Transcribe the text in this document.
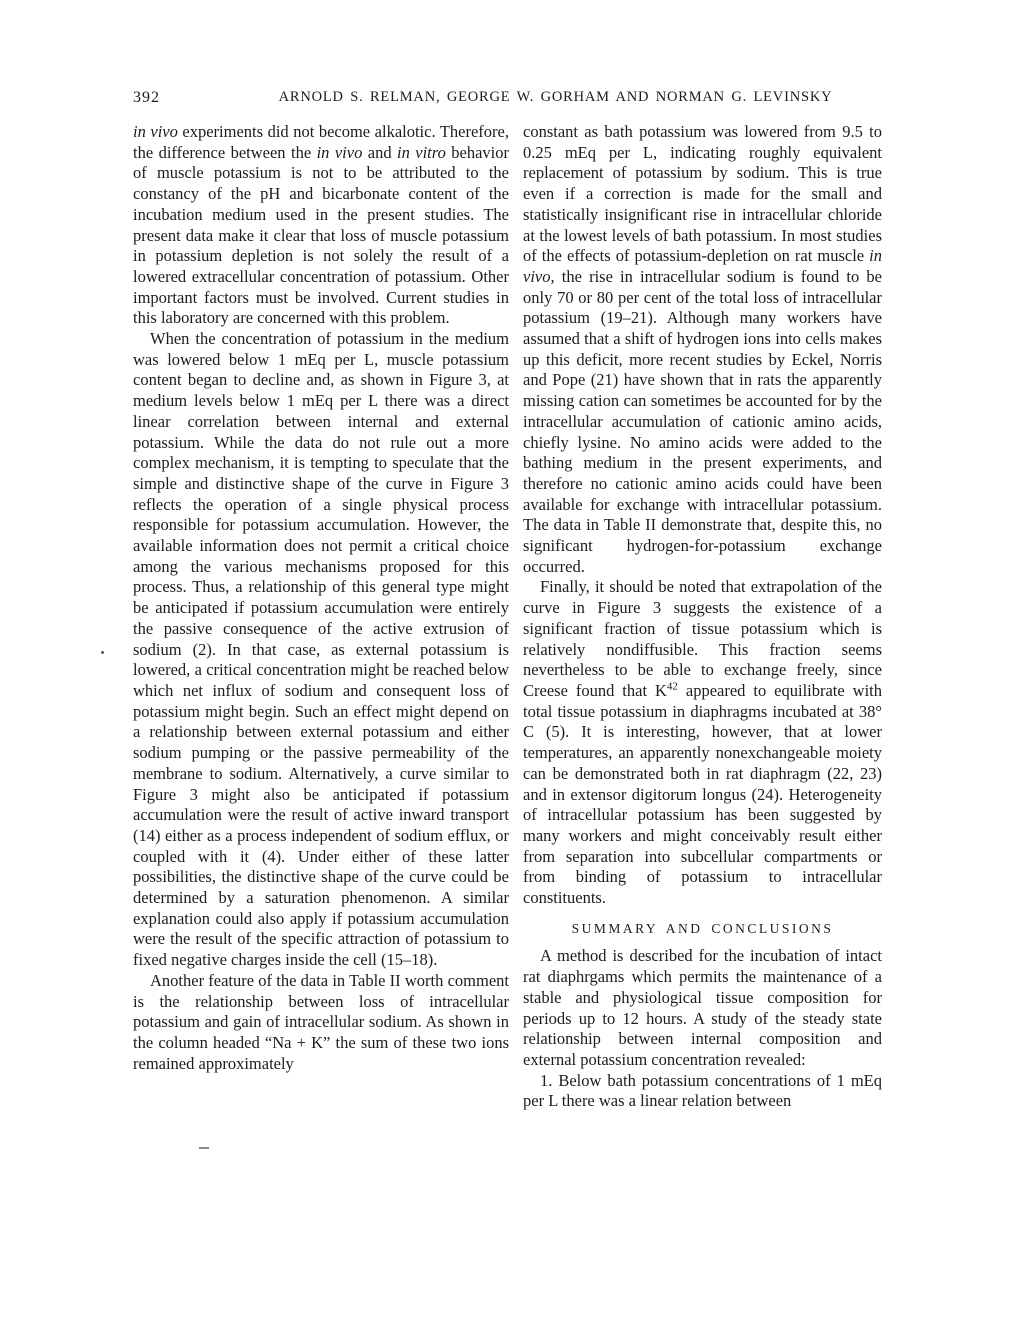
392	ARNOLD S. RELMAN, GEORGE W. GORHAM AND NORMAN G. LEVINSKY

in vivo experiments did not become alkalotic. Therefore, the difference between the in vivo and in vitro behavior of muscle potassium is not to be attributed to the constancy of the pH and bicarbonate content of the incubation medium used in the present studies. The present data make it clear that loss of muscle potassium in potassium depletion is not solely the result of a lowered extracellular concentration of potassium. Other important factors must be involved. Current studies in this laboratory are concerned with this problem.

When the concentration of potassium in the medium was lowered below 1 mEq per L, muscle potassium content began to decline and, as shown in Figure 3, at medium levels below 1 mEq per L there was a direct linear correlation between internal and external potassium. While the data do not rule out a more complex mechanism, it is tempting to speculate that the simple and distinctive shape of the curve in Figure 3 reflects the operation of a single physical process responsible for potassium accumulation. However, the available information does not permit a critical choice among the various mechanisms proposed for this process. Thus, a relationship of this general type might be anticipated if potassium accumulation were entirely the passive consequence of the active extrusion of sodium (2). In that case, as external potassium is lowered, a critical concentration might be reached below which net influx of sodium and consequent loss of potassium might begin. Such an effect might depend on a relationship between external potassium and either sodium pumping or the passive permeability of the membrane to sodium. Alternatively, a curve similar to Figure 3 might also be anticipated if potassium accumulation were the result of active inward transport (14) either as a process independent of sodium efflux, or coupled with it (4). Under either of these latter possibilities, the distinctive shape of the curve could be determined by a saturation phenomenon. A similar explanation could also apply if potassium accumulation were the result of the specific attraction of potassium to fixed negative charges inside the cell (15–18).

Another feature of the data in Table II worth comment is the relationship between loss of intracellular potassium and gain of intracellular sodium. As shown in the column headed “Na + K” the sum of these two ions remained approximately

constant as bath potassium was lowered from 9.5 to 0.25 mEq per L, indicating roughly equivalent replacement of potassium by sodium. This is true even if a correction is made for the small and statistically insignificant rise in intracellular chloride at the lowest levels of bath potassium. In most studies of the effects of potassium-depletion on rat muscle in vivo, the rise in intracellular sodium is found to be only 70 or 80 per cent of the total loss of intracellular potassium (19–21). Although many workers have assumed that a shift of hydrogen ions into cells makes up this deficit, more recent studies by Eckel, Norris and Pope (21) have shown that in rats the apparently missing cation can sometimes be accounted for by the intracellular accumulation of cationic amino acids, chiefly lysine. No amino acids were added to the bathing medium in the present experiments, and therefore no cationic amino acids could have been available for exchange with intracellular potassium. The data in Table II demonstrate that, despite this, no significant hydrogen-for-potassium exchange occurred.

Finally, it should be noted that extrapolation of the curve in Figure 3 suggests the existence of a significant fraction of tissue potassium which is relatively nondiffusible. This fraction seems nevertheless to be able to exchange freely, since Creese found that $K^{42}$ appeared to equilibrate with total tissue potassium in diaphragms incubated at 38° C (5). It is interesting, however, that at lower temperatures, an apparently nonexchangeable moiety can be demonstrated both in rat diaphragm (22, 23) and in extensor digitorum longus (24). Heterogeneity of intracellular potassium has been suggested by many workers and might conceivably result either from separation into subcellular compartments or from binding of potassium to intracellular constituents.

SUMMARY AND CONCLUSIONS

A method is described for the incubation of intact rat diaphrgams which permits the maintenance of a stable and physiological tissue composition for periods up to 12 hours. A study of the steady state relationship between internal composition and external potassium concentration revealed:

1. Below bath potassium concentrations of 1 mEq per L there was a linear relation between
